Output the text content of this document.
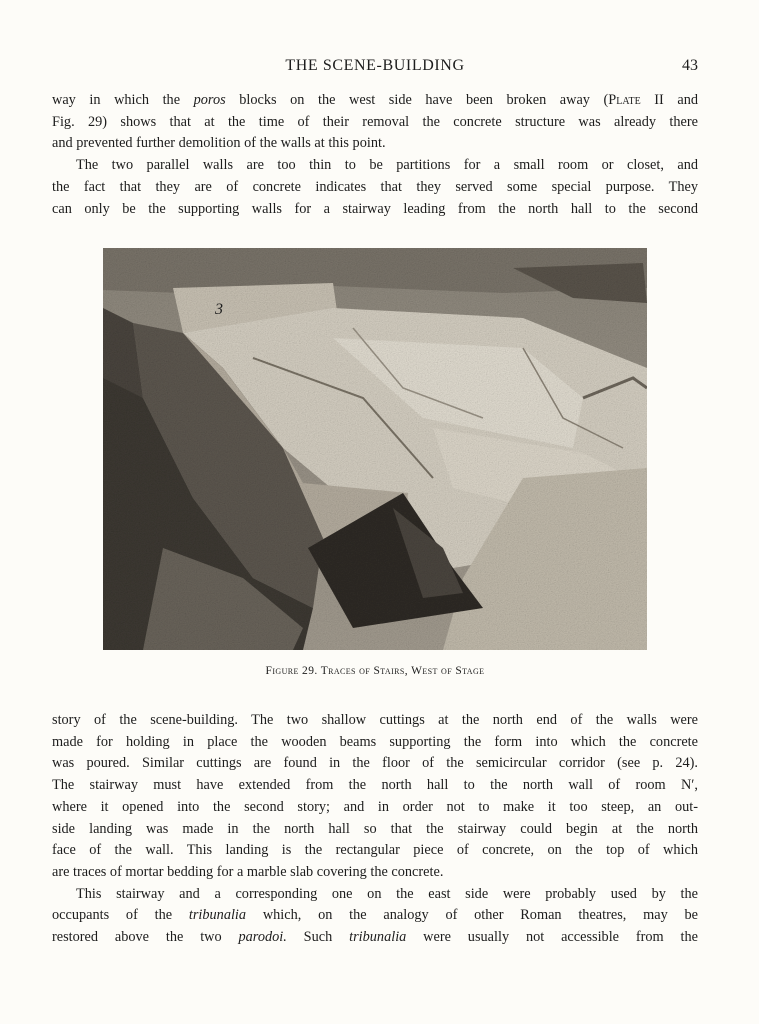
THE SCENE-BUILDING	43

way in which the poros blocks on the west side have been broken away (Plate II and
Fig. 29) shows that at the time of their removal the concrete structure was already there
and prevented further demolition of the walls at this point.

The two parallel walls are too thin to be partitions for a small room or closet, and
the fact that they are of concrete indicates that they served some special purpose. They
can only be the supporting walls for a stairway leading from the north hall to the second

3
Figure 29. Traces of Stairs, West of Stage

story of the scene-building. The two shallow cuttings at the north end of the walls were
made for holding in place the wooden beams supporting the form into which the concrete
was poured. Similar cuttings are found in the floor of the semicircular corridor (see p. 24).
The stairway must have extended from the north hall to the north wall of room N′,
where it opened into the second story; and in order not to make it too steep, an out-
side landing was made in the north hall so that the stairway could begin at the north
face of the wall. This landing is the rectangular piece of concrete, on the top of which
are traces of mortar bedding for a marble slab covering the concrete.

This stairway and a corresponding one on the east side were probably used by the
occupants of the tribunalia which, on the analogy of other Roman theatres, may be
restored above the two parodoi. Such tribunalia were usually not accessible from the
